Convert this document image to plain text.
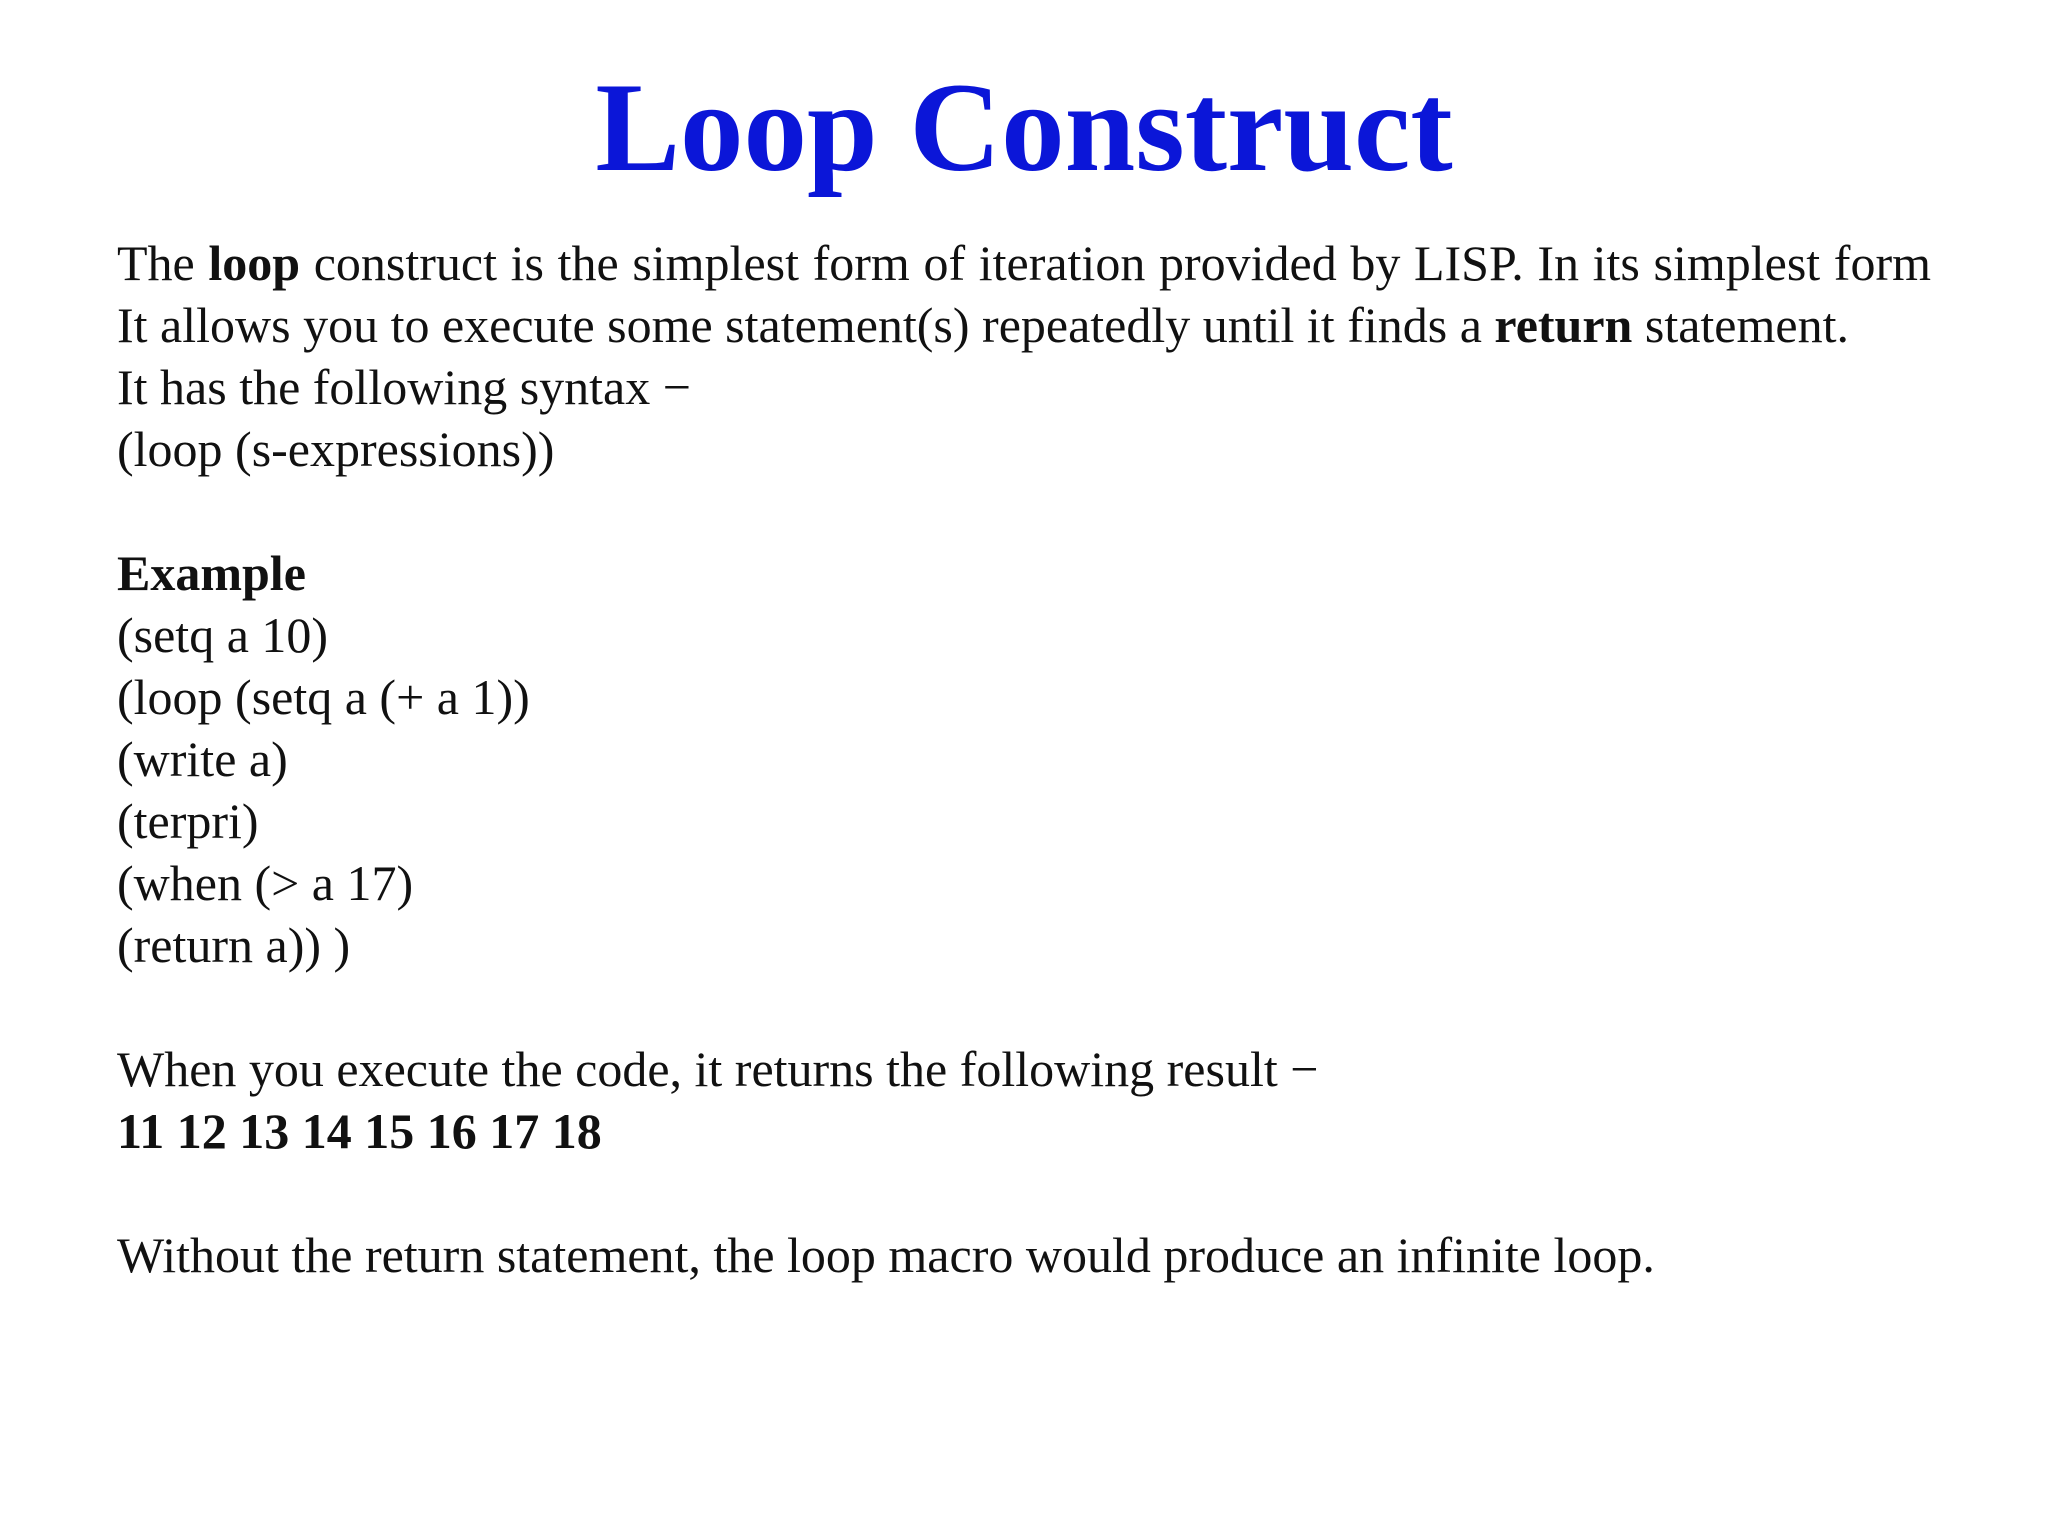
Loop Construct

The loop construct is the simplest form of iteration provided by LISP. In its simplest form It allows you to execute some statement(s) repeatedly until it finds a return statement.

It has the following syntax −

(loop (s-expressions))

Example

(setq a 10)

(loop (setq a (+ a 1))

(write a)

(terpri)

(when (> a 17)

(return a)) )

When you execute the code, it returns the following result −

11 12 13 14 15 16 17 18

Without the return statement, the loop macro would produce an infinite loop.
